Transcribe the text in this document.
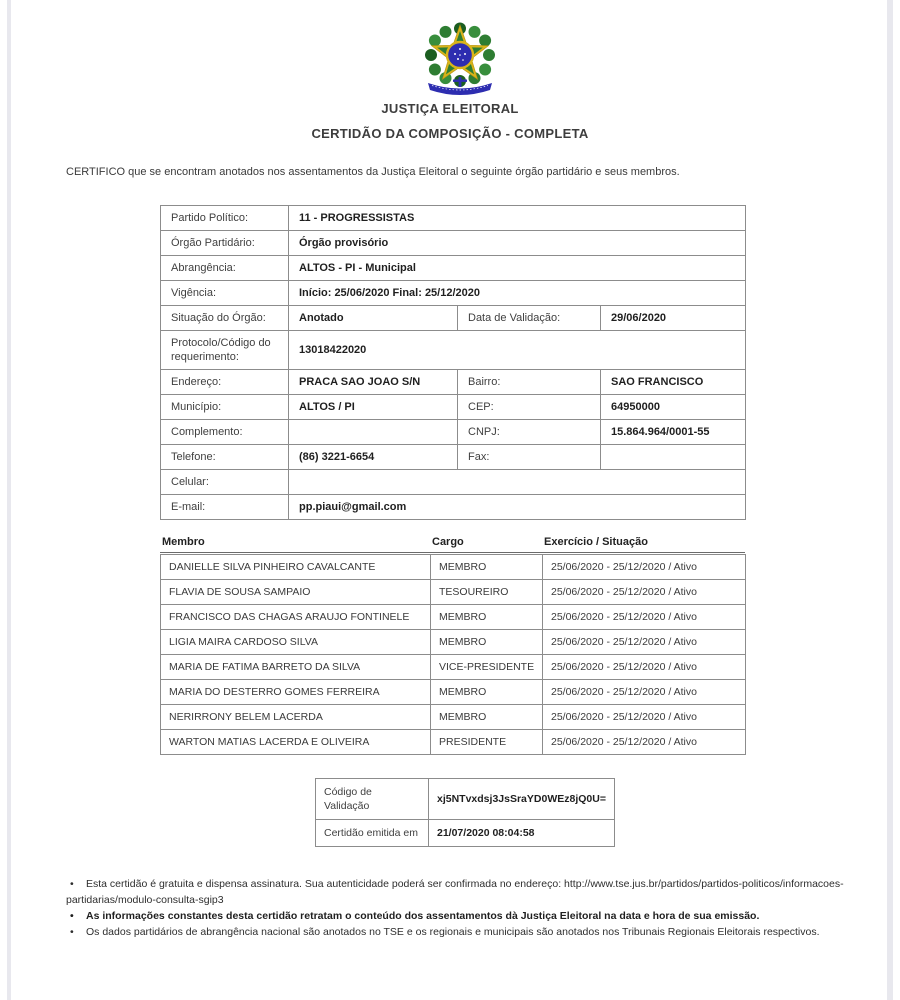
JUSTIÇA ELEITORAL
CERTIDÃO DA COMPOSIÇÃO - COMPLETA
CERTIFICO que se encontram anotados nos assentamentos da Justiça Eleitoral o seguinte órgão partidário e seus membros.
Partido Político:	11 - PROGRESSISTAS		
Órgão Partidário:	Órgão provisório		
Abrangência:	ALTOS - PI - Municipal		
Vigência:	Início: 25/06/2020 Final: 25/12/2020		
Situação do Órgão:	Anotado	Data de Validação:	29/06/2020
Protocolo/Código do requerimento:	13018422020		
Endereço:	PRACA SAO JOAO S/N	Bairro:	SAO FRANCISCO
Município:	ALTOS / PI	CEP:	64950000
Complemento:		CNPJ:	15.864.964/0001-55
Telefone:	(86) 3221-6654	Fax:	
Celular:			
E-mail:	pp.piaui@gmail.com		
Membro	Cargo	Exercício / Situação
DANIELLE SILVA PINHEIRO CAVALCANTE	MEMBRO	25/06/2020 - 25/12/2020 / Ativo
FLAVIA DE SOUSA SAMPAIO	TESOUREIRO	25/06/2020 - 25/12/2020 / Ativo
FRANCISCO DAS CHAGAS ARAUJO FONTINELE	MEMBRO	25/06/2020 - 25/12/2020 / Ativo
LIGIA MAIRA CARDOSO SILVA	MEMBRO	25/06/2020 - 25/12/2020 / Ativo
MARIA DE FATIMA BARRETO DA SILVA	VICE-PRESIDENTE	25/06/2020 - 25/12/2020 / Ativo
MARIA DO DESTERRO GOMES FERREIRA	MEMBRO	25/06/2020 - 25/12/2020 / Ativo
NERIRRONY BELEM LACERDA	MEMBRO	25/06/2020 - 25/12/2020 / Ativo
WARTON MATIAS LACERDA E OLIVEIRA	PRESIDENTE	25/06/2020 - 25/12/2020 / Ativo
Código de Validação	xj5NTvxdsj3JsSraYD0WEz8jQ0U=
Certidão emitida em	21/07/2020 08:04:58
• Esta certidão é gratuita e dispensa assinatura. Sua autenticidade poderá ser confirmada no endereço: http://www.tse.jus.br/partidos/partidos-politicos/informacoes-partidarias/modulo-consulta-sgip3
• As informações constantes desta certidão retratam o conteúdo dos assentamentos dà Justiça Eleitoral na data e hora de sua emissão.
• Os dados partidários de abrangência nacional são anotados no TSE e os regionais e municipais são anotados nos Tribunais Regionais Eleitorais respectivos.
